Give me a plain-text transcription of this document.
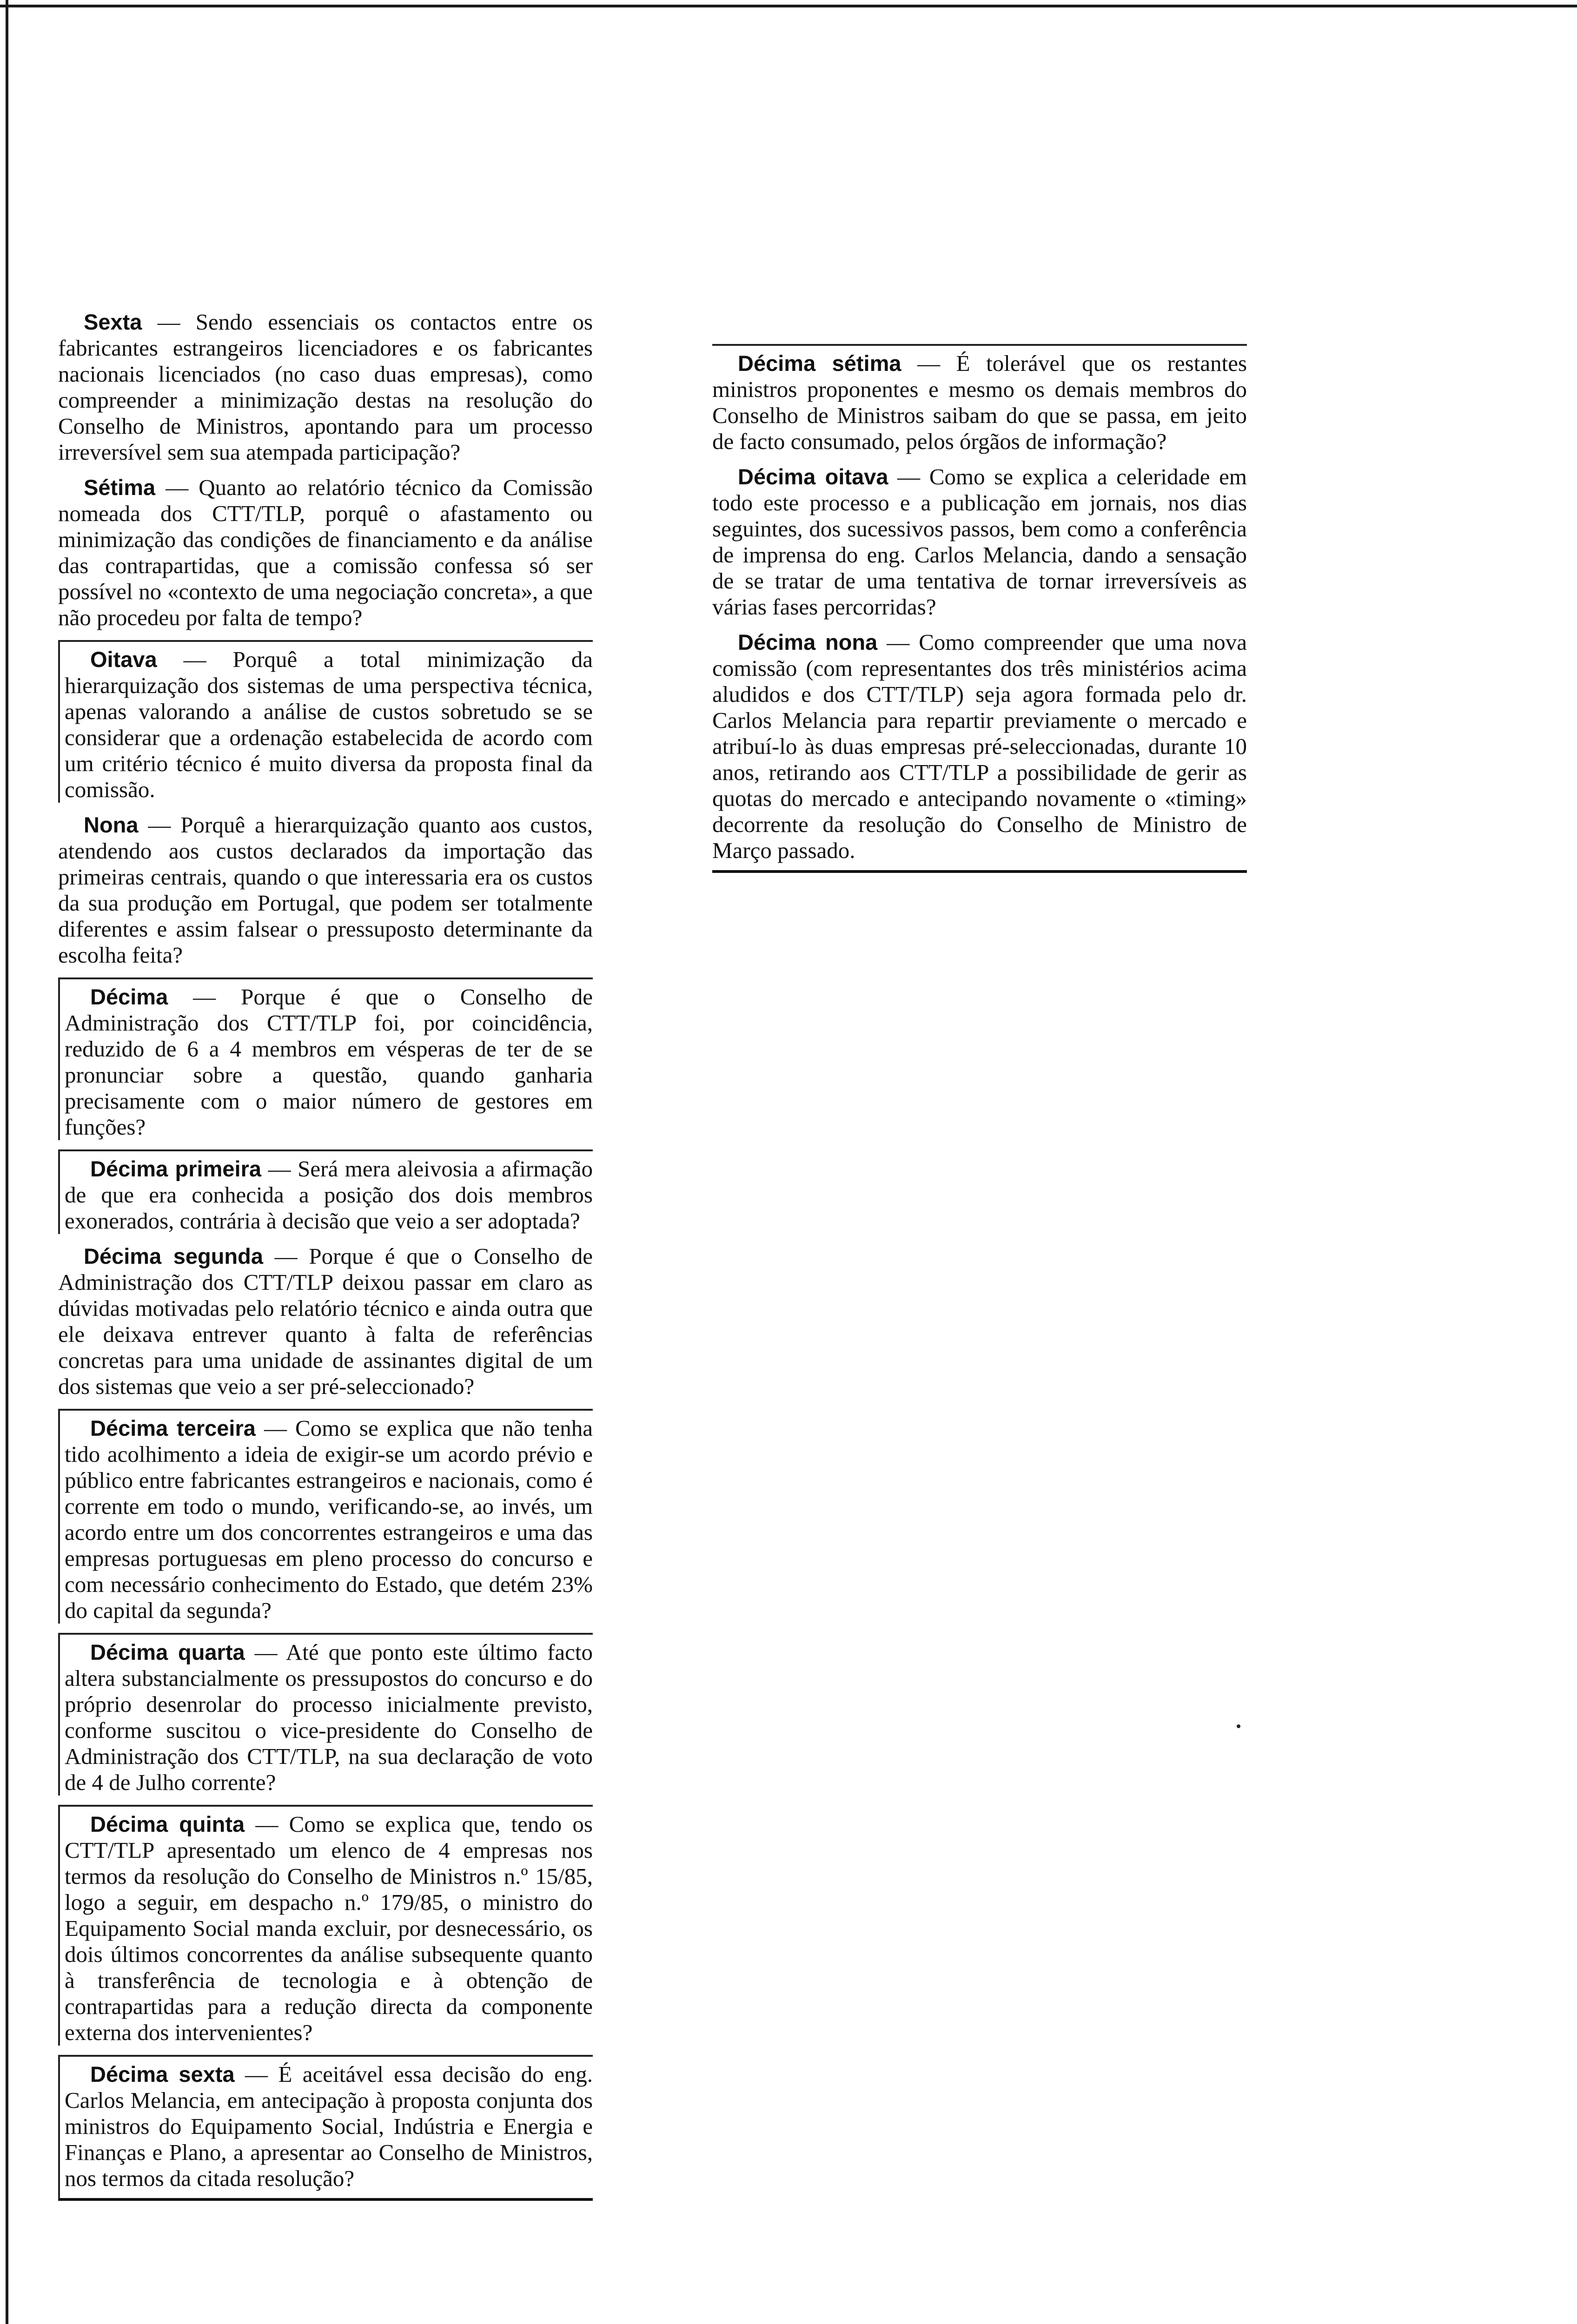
Sexta — Sendo essenciais os contactos entre os fabricantes estrangeiros licenciadores e os fabricantes nacionais licenciados (no caso duas empresas), como compreender a minimização destas na resolução do Conselho de Ministros, apontando para um processo irreversível sem sua atempada participação?

Sétima — Quanto ao relatório técnico da Comissão nomeada dos CTT/TLP, porquê o afastamento ou minimização das condições de financiamento e da análise das contrapartidas, que a comissão confessa só ser possível no «contexto de uma negociação concreta», a que não procedeu por falta de tempo?

Oitava — Porquê a total minimização da hierarquização dos sistemas de uma perspectiva técnica, apenas valorando a análise de custos sobretudo se se considerar que a ordenação estabelecida de acordo com um critério técnico é muito diversa da proposta final da comissão.

Nona — Porquê a hierarquização quanto aos custos, atendendo aos custos declarados da importação das primeiras centrais, quando o que interessaria era os custos da sua produção em Portugal, que podem ser totalmente diferentes e assim falsear o pressuposto determinante da escolha feita?

Décima — Porque é que o Conselho de Administração dos CTT/TLP foi, por coincidência, reduzido de 6 a 4 membros em vésperas de ter de se pronunciar sobre a questão, quando ganharia precisamente com o maior número de gestores em funções?

Décima primeira — Será mera aleivosia a afirmação de que era conhecida a posição dos dois membros exonerados, contrária à decisão que veio a ser adoptada?

Décima segunda — Porque é que o Conselho de Administração dos CTT/TLP deixou passar em claro as dúvidas motivadas pelo relatório técnico e ainda outra que ele deixava entrever quanto à falta de referências concretas para uma unidade de assinantes digital de um dos sistemas que veio a ser pré-seleccionado?

Décima terceira — Como se explica que não tenha tido acolhimento a ideia de exigir-se um acordo prévio e público entre fabricantes estrangeiros e nacionais, como é corrente em todo o mundo, verificando-se, ao invés, um acordo entre um dos concorrentes estrangeiros e uma das empresas portuguesas em pleno processo do concurso e com necessário conhecimento do Estado, que detém 23% do capital da segunda?

Décima quarta — Até que ponto este último facto altera substancialmente os pressupostos do concurso e do próprio desenrolar do processo inicialmente previsto, conforme suscitou o vice-presidente do Conselho de Administração dos CTT/TLP, na sua declaração de voto de 4 de Julho corrente?

Décima quinta — Como se explica que, tendo os CTT/TLP apresentado um elenco de 4 empresas nos termos da resolução do Conselho de Ministros n.º 15/85, logo a seguir, em despacho n.º 179/85, o ministro do Equipamento Social manda excluir, por desnecessário, os dois últimos concorrentes da análise subsequente quanto à transferência de tecnologia e à obtenção de contrapartidas para a redução directa da componente externa dos intervenientes?

Décima sexta — É aceitável essa decisão do eng. Carlos Melancia, em antecipação à proposta conjunta dos ministros do Equipamento Social, Indústria e Energia e Finanças e Plano, a apresentar ao Conselho de Ministros, nos termos da citada resolução?

Décima sétima — É tolerável que os restantes ministros proponentes e mesmo os demais membros do Conselho de Ministros saibam do que se passa, em jeito de facto consumado, pelos órgãos de informação?

Décima oitava — Como se explica a celeridade em todo este processo e a publicação em jornais, nos dias seguintes, dos sucessivos passos, bem como a conferência de imprensa do eng. Carlos Melancia, dando a sensação de se tratar de uma tentativa de tornar irreversíveis as várias fases percorridas?

Décima nona — Como compreender que uma nova comissão (com representantes dos três ministérios acima aludidos e dos CTT/TLP) seja agora formada pelo dr. Carlos Melancia para repartir previamente o mercado e atribuí-lo às duas empresas pré-seleccionadas, durante 10 anos, retirando aos CTT/TLP a possibilidade de gerir as quotas do mercado e antecipando novamente o «timing» decorrente da resolução do Conselho de Ministro de Março passado.
